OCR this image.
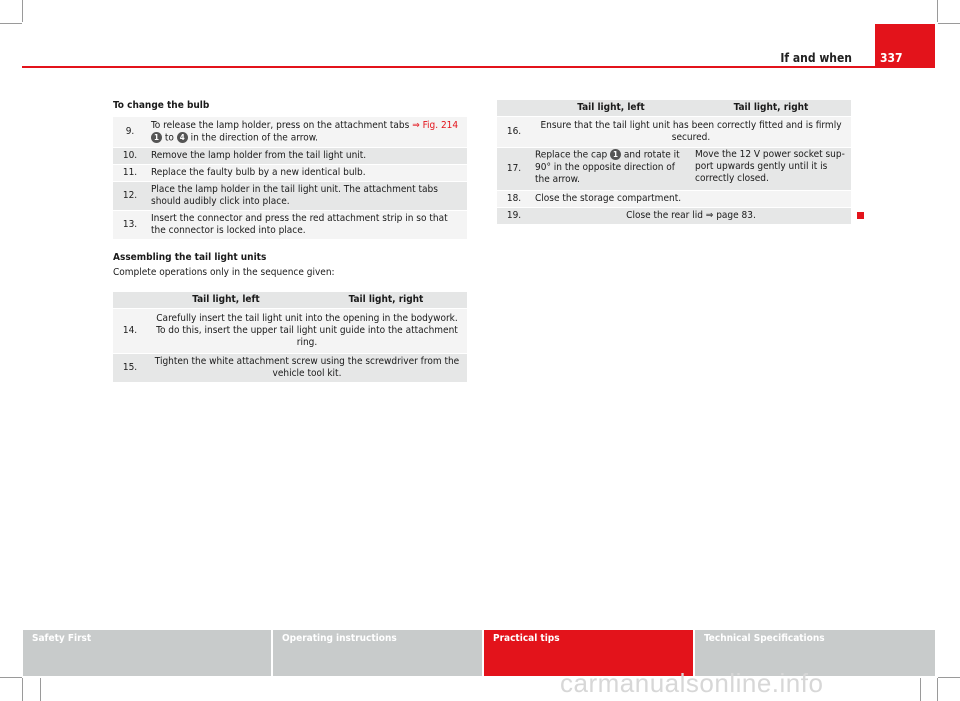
If and when 337
To change the bulb
9.	To release the lamp holder, press on the attachment tabs ⇒ Fig. 214 1 to 4 in the direction of the arrow.
10.	Remove the lamp holder from the tail light unit.
11.	Replace the faulty bulb by a new identical bulb.
12.	Place the lamp holder in the tail light unit. The attachment tabs should audibly click into place.
13.	Insert the connector and press the red attachment strip in so that the connector is locked into place.
Assembling the tail light units
Complete operations only in the sequence given:
	Tail light, left	Tail light, right
14.	Carefully insert the tail light unit into the opening in the bodywork. To do this, insert the upper tail light unit guide into the attachment ring.	
15.	Tighten the white attachment screw using the screwdriver from the vehicle tool kit.	
	Tail light, left	Tail light, right
16.	Ensure that the tail light unit has been correctly fitted and is firmly secured.	
17.	Replace the cap 1 and rotate it 90° in the opposite direction of the arrow.	Move the 12 V power socket sup-port upwards gently until it is correctly closed.
18.	Close the storage compartment.	
19.	Close the rear lid ⇒ page 83.	
Safety First	Operating instructions	Practical tips	Technical Specifications
carmanualsonline.info
